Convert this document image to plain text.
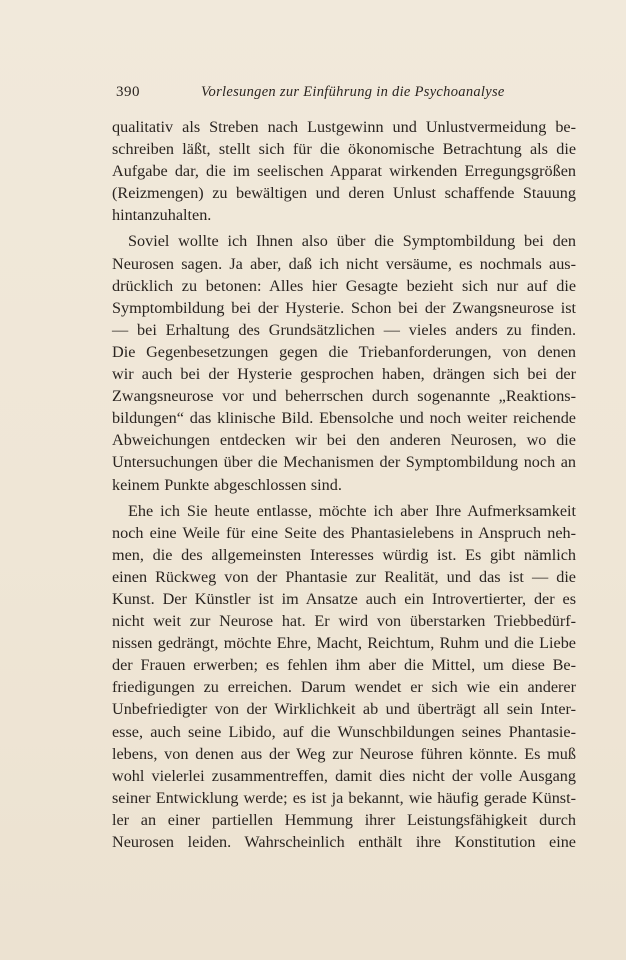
390	Vorlesungen zur Einführung in die Psychoanalyse
qualitativ als Streben nach Lustgewinn und Unlustvermeidung be-
schreiben läßt, stellt sich für die ökonomische Betrachtung als die
Aufgabe dar, die im seelischen Apparat wirkenden Erregungsgrößen
(Reizmengen) zu bewältigen und deren Unlust schaffende Stauung
hintanzuhalten.
Soviel wollte ich Ihnen also über die Symptombildung bei den
Neurosen sagen. Ja aber, daß ich nicht versäume, es nochmals aus-
drücklich zu betonen: Alles hier Gesagte bezieht sich nur auf die
Symptombildung bei der Hysterie. Schon bei der Zwangsneurose ist
— bei Erhaltung des Grundsätzlichen — vieles anders zu finden.
Die Gegenbesetzungen gegen die Triebanforderungen, von denen
wir auch bei der Hysterie gesprochen haben, drängen sich bei der
Zwangsneurose vor und beherrschen durch sogenannte „Reaktions-
bildungen“ das klinische Bild. Ebensolche und noch weiter reichende
Abweichungen entdecken wir bei den anderen Neurosen, wo die
Untersuchungen über die Mechanismen der Symptombildung noch an
keinem Punkte abgeschlossen sind.
Ehe ich Sie heute entlasse, möchte ich aber Ihre Aufmerksamkeit
noch eine Weile für eine Seite des Phantasielebens in Anspruch neh-
men, die des allgemeinsten Interesses würdig ist. Es gibt nämlich
einen Rückweg von der Phantasie zur Realität, und das ist — die
Kunst. Der Künstler ist im Ansatze auch ein Introvertierter, der es
nicht weit zur Neurose hat. Er wird von überstarken Triebbedürf-
nissen gedrängt, möchte Ehre, Macht, Reichtum, Ruhm und die Liebe
der Frauen erwerben; es fehlen ihm aber die Mittel, um diese Be-
friedigungen zu erreichen. Darum wendet er sich wie ein anderer
Unbefriedigter von der Wirklichkeit ab und überträgt all sein Inter-
esse, auch seine Libido, auf die Wunschbildungen seines Phantasie-
lebens, von denen aus der Weg zur Neurose führen könnte. Es muß
wohl vielerlei zusammentreffen, damit dies nicht der volle Ausgang
seiner Entwicklung werde; es ist ja bekannt, wie häufig gerade Künst-
ler an einer partiellen Hemmung ihrer Leistungsfähigkeit durch
Neurosen leiden. Wahrscheinlich enthält ihre Konstitution eine
